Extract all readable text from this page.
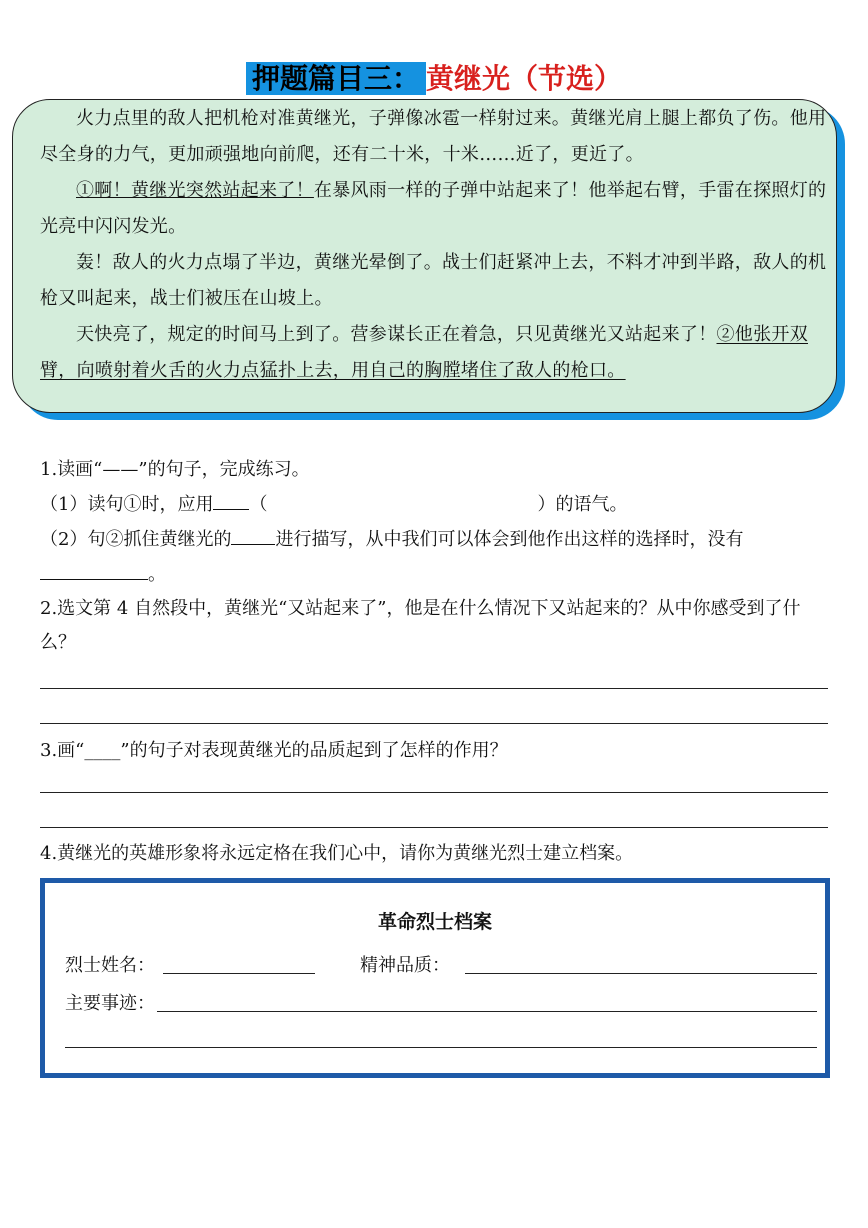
押题篇目三： 黄继光（节选）

火力点里的敌人把机枪对准黄继光，子弹像冰雹一样射过来。黄继光肩上腿上都负了伤。他用尽全身的力气，更加顽强地向前爬，还有二十米，十米……近了，更近了。

①啊！黄继光突然站起来了！在暴风雨一样的子弹中站起来了！他举起右臂，手雷在探照灯的光亮中闪闪发光。

轰！敌人的火力点塌了半边，黄继光晕倒了。战士们赶紧冲上去，不料才冲到半路，敌人的机枪又叫起来，战士们被压在山坡上。

天快亮了，规定的时间马上到了。营参谋长正在着急，只见黄继光又站起来了！②他张开双臂，向喷射着火舌的火力点猛扑上去，用自己的胸膛堵住了敌人的枪口。

1.读画“——”的句子，完成练习。

（1）读句①时，应用 （	）的语气。

（2）句②抓住黄继光的 进行描写，从中我们可以体会到他作出这样的选择时，没有。

2.选文第 4 自然段中，黄继光“又站起来了”，他是在什么情况下又站起来的？从中你感受到了什么？

3.画“____”的句子对表现黄继光的品质起到了怎样的作用？

4.黄继光的英雄形象将永远定格在我们心中，请你为黄继光烈士建立档案。

革命烈士档案
烈士姓名：	精神品质：
主要事迹：
